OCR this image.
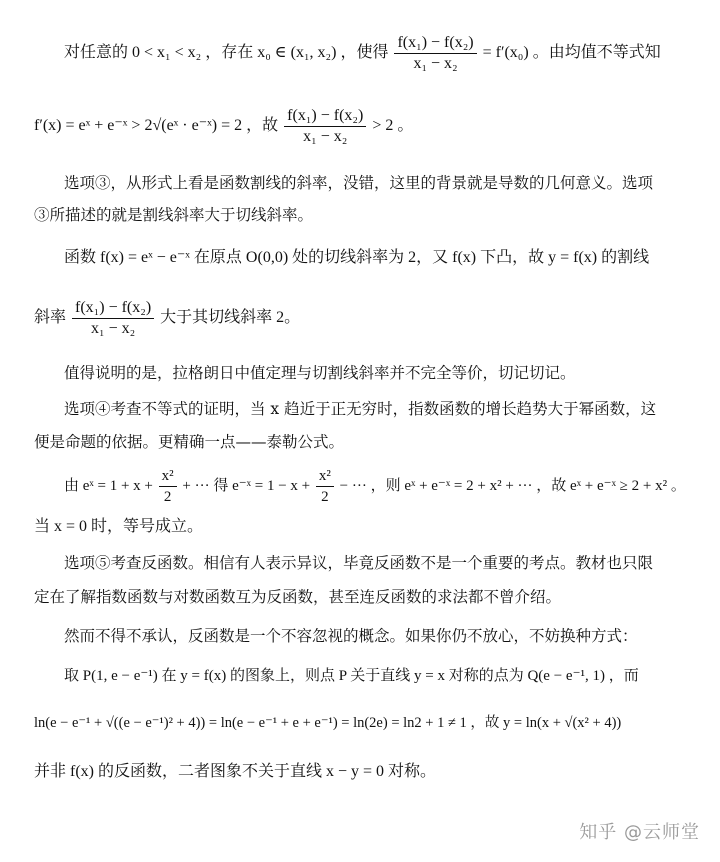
对任意的 0 < x₁ < x₂ ，存在 x₀ ∈ (x₁, x₂) ，使得 $\frac{\text{f(x₁) − f(x₂)}}{\text{x₁ − x₂}} = f'(x_0)$ 。由均值不等式知
f′(x) = eˣ + e⁻ˣ > 2√(eˣ · e⁻ˣ) = 2 ，故 $\frac{\text{f(x₁) − f(x₂)}}{\text{x₁ − x₂}} > 2$ 。
选项③，从形式上看是函数割线的斜率，没错，这里的背景就是导数的几何意义。选项
③所描述的就是割线斜率大于切线斜率。
函数 f(x) = eˣ − e⁻ˣ 在原点 O(0,0) 处的切线斜率为 2，又 f(x) 下凸，故 y = f(x) 的割线
斜率 $\frac{\text{f(x₁) − f(x₂)}}{\text{x₁ − x₂}}$ 大于其切线斜率 2。
值得说明的是，拉格朗日中值定理与切割线斜率并不完全等价，切记切记。
选项④考查不等式的证明，当 x 趋近于正无穷时，指数函数的增长趋势大于幂函数，这
便是命题的依据。更精确一点——泰勒公式。
由 eˣ = $1 + x + \frac{\text{x²}}{2}$ + ··· 得 e⁻ˣ = $1 - x + \frac{\text{x²}}{2}$ − ··· ，则 eˣ + e⁻ˣ = 2 + x² + ··· ，故 eˣ + e⁻ˣ ≥ 2 + x² 。
当 x = 0 时，等号成立。
选项⑤考查反函数。相信有人表示异议，毕竟反函数不是一个重要的考点。教材也只限
定在了解指数函数与对数函数互为反函数，甚至连反函数的求法都不曾介绍。
然而不得不承认，反函数是一个不容忽视的概念。如果你仍不放心，不妨换种方式：
取 P(1, e − e⁻¹) 在 y = f(x) 的图象上，则点 P 关于直线 y = x 对称的点为 Q(e − e⁻¹, 1) ，而
ln(e − e⁻¹ + √((e − e⁻¹)² + 4)) = ln(e − e⁻¹ + e + e⁻¹) = ln(2e) = ln2 + 1 ≠ 1 ，故 y = ln(x + √(x² + 4))
并非 f(x) 的反函数，二者图象不关于直线 x − y = 0 对称。
知乎 @云师堂
